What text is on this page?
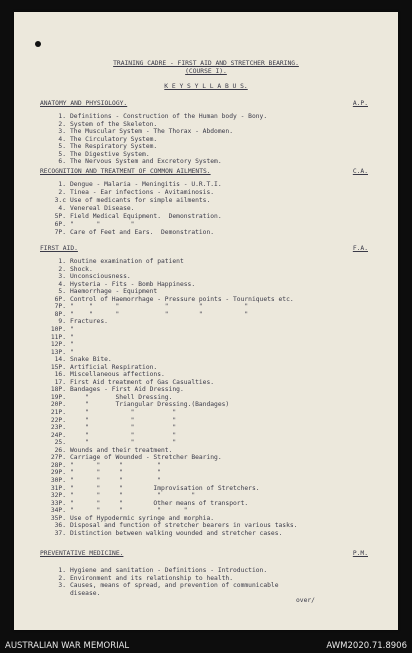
TRAINING CADRE - FIRST AID AND STRETCHER BEARING.
(COURSE I).
K E Y S Y L L A B U S.
ANATOMY AND PHYSIOLOGY.	A.P.
1. Definitions - Construction of the Human body - Bony.
2. System of the Skeleton.
3. The Muscular System - The Thorax - Abdomen.
4. The Circulatory System.
5. The Respiratory System.
5. The Digestive System.
6. The Nervous System and Excretory System.
RECOGNITION AND TREATMENT OF COMMON AILMENTS.	C.A.
1. Dengue - Malaria - Meningitis - U.R.T.I.
2. Tinea - Ear infections - Avitaminosis.
3.c Use of medicants for simple ailments.
4. Venereal Disease.
5P. Field Medical Equipment.  Demonstration.
6P. "      "        "
7P. Care of Feet and Ears.  Demonstration.
FIRST AID.	F.A.
1. Routine examination of patient
2. Shock.
3. Unconsciousness.
4. Hysteria - Fits - Bomb Happiness.
5. Haemorrhage - Equipment
6P. Control of Haemorrhage - Pressure points - Tourniquets etc.
7P. "    "      "            "        "           "
8P. "    "      "            "        "           "
9. Fractures.
10P. "
11P. "
12P. "
13P. "
14. Snake Bite.
15P. Artificial Respiration.
16. Miscellaneous affections.
17. First Aid treatment of Gas Casualties.
18P. Bandages - First Aid Dressing.
19P.    "       Shell Dressing.
20P.    "       Triangular Dressing.(Bandages)
21P.    "           "          "
22P.    "           "          "
23P.    "           "          "
24P.    "           "          "
25.    "           "          "
26. Wounds and their treatment.
27P. Carriage of Wounded - Stretcher Bearing.
28P. "      "     "         "
29P. "      "     "         "
30P. "      "     "         "
31P. "      "     "        Improvisation of Stretchers.
32P. "      "     "         "        "
33P. "      "     "        Other means of transport.
34P. "      "     "         "      "
35P. Use of Hypodermic syringe and morphia.
36. Disposal and function of stretcher bearers in various tasks.
37. Distinction between walking wounded and stretcher cases.
PREVENTATIVE MEDICINE.	P.M.
1. Hygiene and sanitation - Definitions - Introduction.
2. Environment and its relationship to health.
3. Causes, means of spread, and prevention of communicable
disease.
over/
AUSTRALIAN WAR MEMORIAL	AWM2020.71.8906
